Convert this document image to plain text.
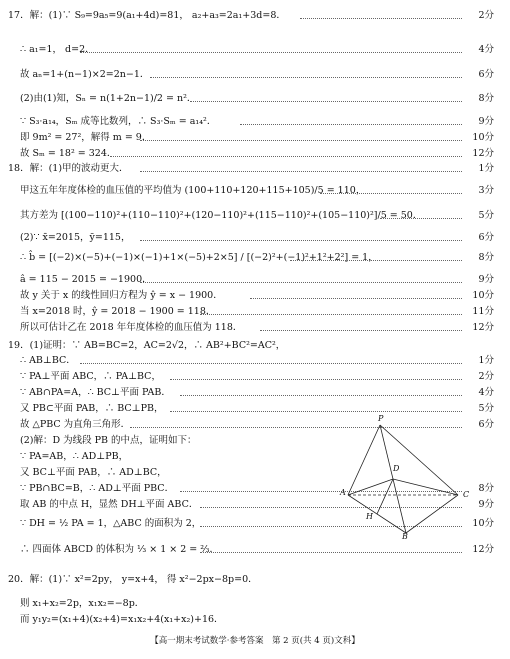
17．解：(1)∵ S₉=9a₅=9(a₁+4d)=81， a₂+a₃=2a₁+3d=8．	2分
∴ a₁=1， d=2．	4分
故 aₙ=1+(n−1)×2=2n−1．	6分
(2)由(1)知，Sₙ = n(1+2n−1)/2 = n²．	8分
∵ S₃·a₁₄，Sₘ 成等比数列，∴ S₃·Sₘ = a₁₄²．	9分
即 9m² = 27²，解得 m = 9．	10分
故 Sₘ = 18² = 324．	12分
18．解：(1)甲的波动更大．	1分
甲这五年年度体检的血压值的平均值为 (100+110+120+115+105)/5 = 110，	3分
其方差为 [(100−110)²+(110−110)²+(120−110)²+(115−110)²+(105−110)²]/5 = 50．	5分
(2)∵ x̄=2015，ȳ=115，	6分
∴ b̂ = [(−2)×(−5)+(−1)×(−1)+1×(−5)+2×5] / [(−2)²+(−1)²+1²+2²] = 1，	8分
â = 115 − 2015 = −1900．	9分
故 y 关于 x 的线性回归方程为 ŷ = x − 1900．	10分
当 x=2018 时，ŷ = 2018 − 1900 = 118．	11分
所以可估计乙在 2018 年年度体检的血压值为 118．	12分
19．(1)证明：∵ AB=BC=2，AC=2√2，∴ AB²+BC²=AC²，
∴ AB⊥BC．	1分
∵ PA⊥平面 ABC，∴ PA⊥BC，	2分
∵ AB∩PA=A，∴ BC⊥平面 PAB．	4分
又 PB⊂平面 PAB，∴ BC⊥PB，	5分
故 △PBC 为直角三角形．	6分
(2)解：D 为线段 PB 的中点，证明如下：
∵ PA=AB，∴ AD⊥PB，
又 BC⊥平面 PAB，∴ AD⊥BC，
∵ PB∩BC=B，∴ AD⊥平面 PBC．	8分
取 AB 的中点 H，显然 DH⊥平面 ABC．	9分
∵ DH = ½ PA = 1，△ABC 的面积为 2，	10分
∴ 四面体 ABCD 的体积为 ⅓ × 1 × 2 = ⅔．	12分
20．解：(1)∵ x²=2py， y=x+4， 得 x²−2px−8p=0．
则 x₁+x₂=2p，x₁x₂=−8p．
而 y₁y₂=(x₁+4)(x₂+4)=x₁x₂+4(x₁+x₂)+16．
P
D
A	C
H
B
【高一期末考试数学·参考答案　第 2 页(共 4 页)文科】
